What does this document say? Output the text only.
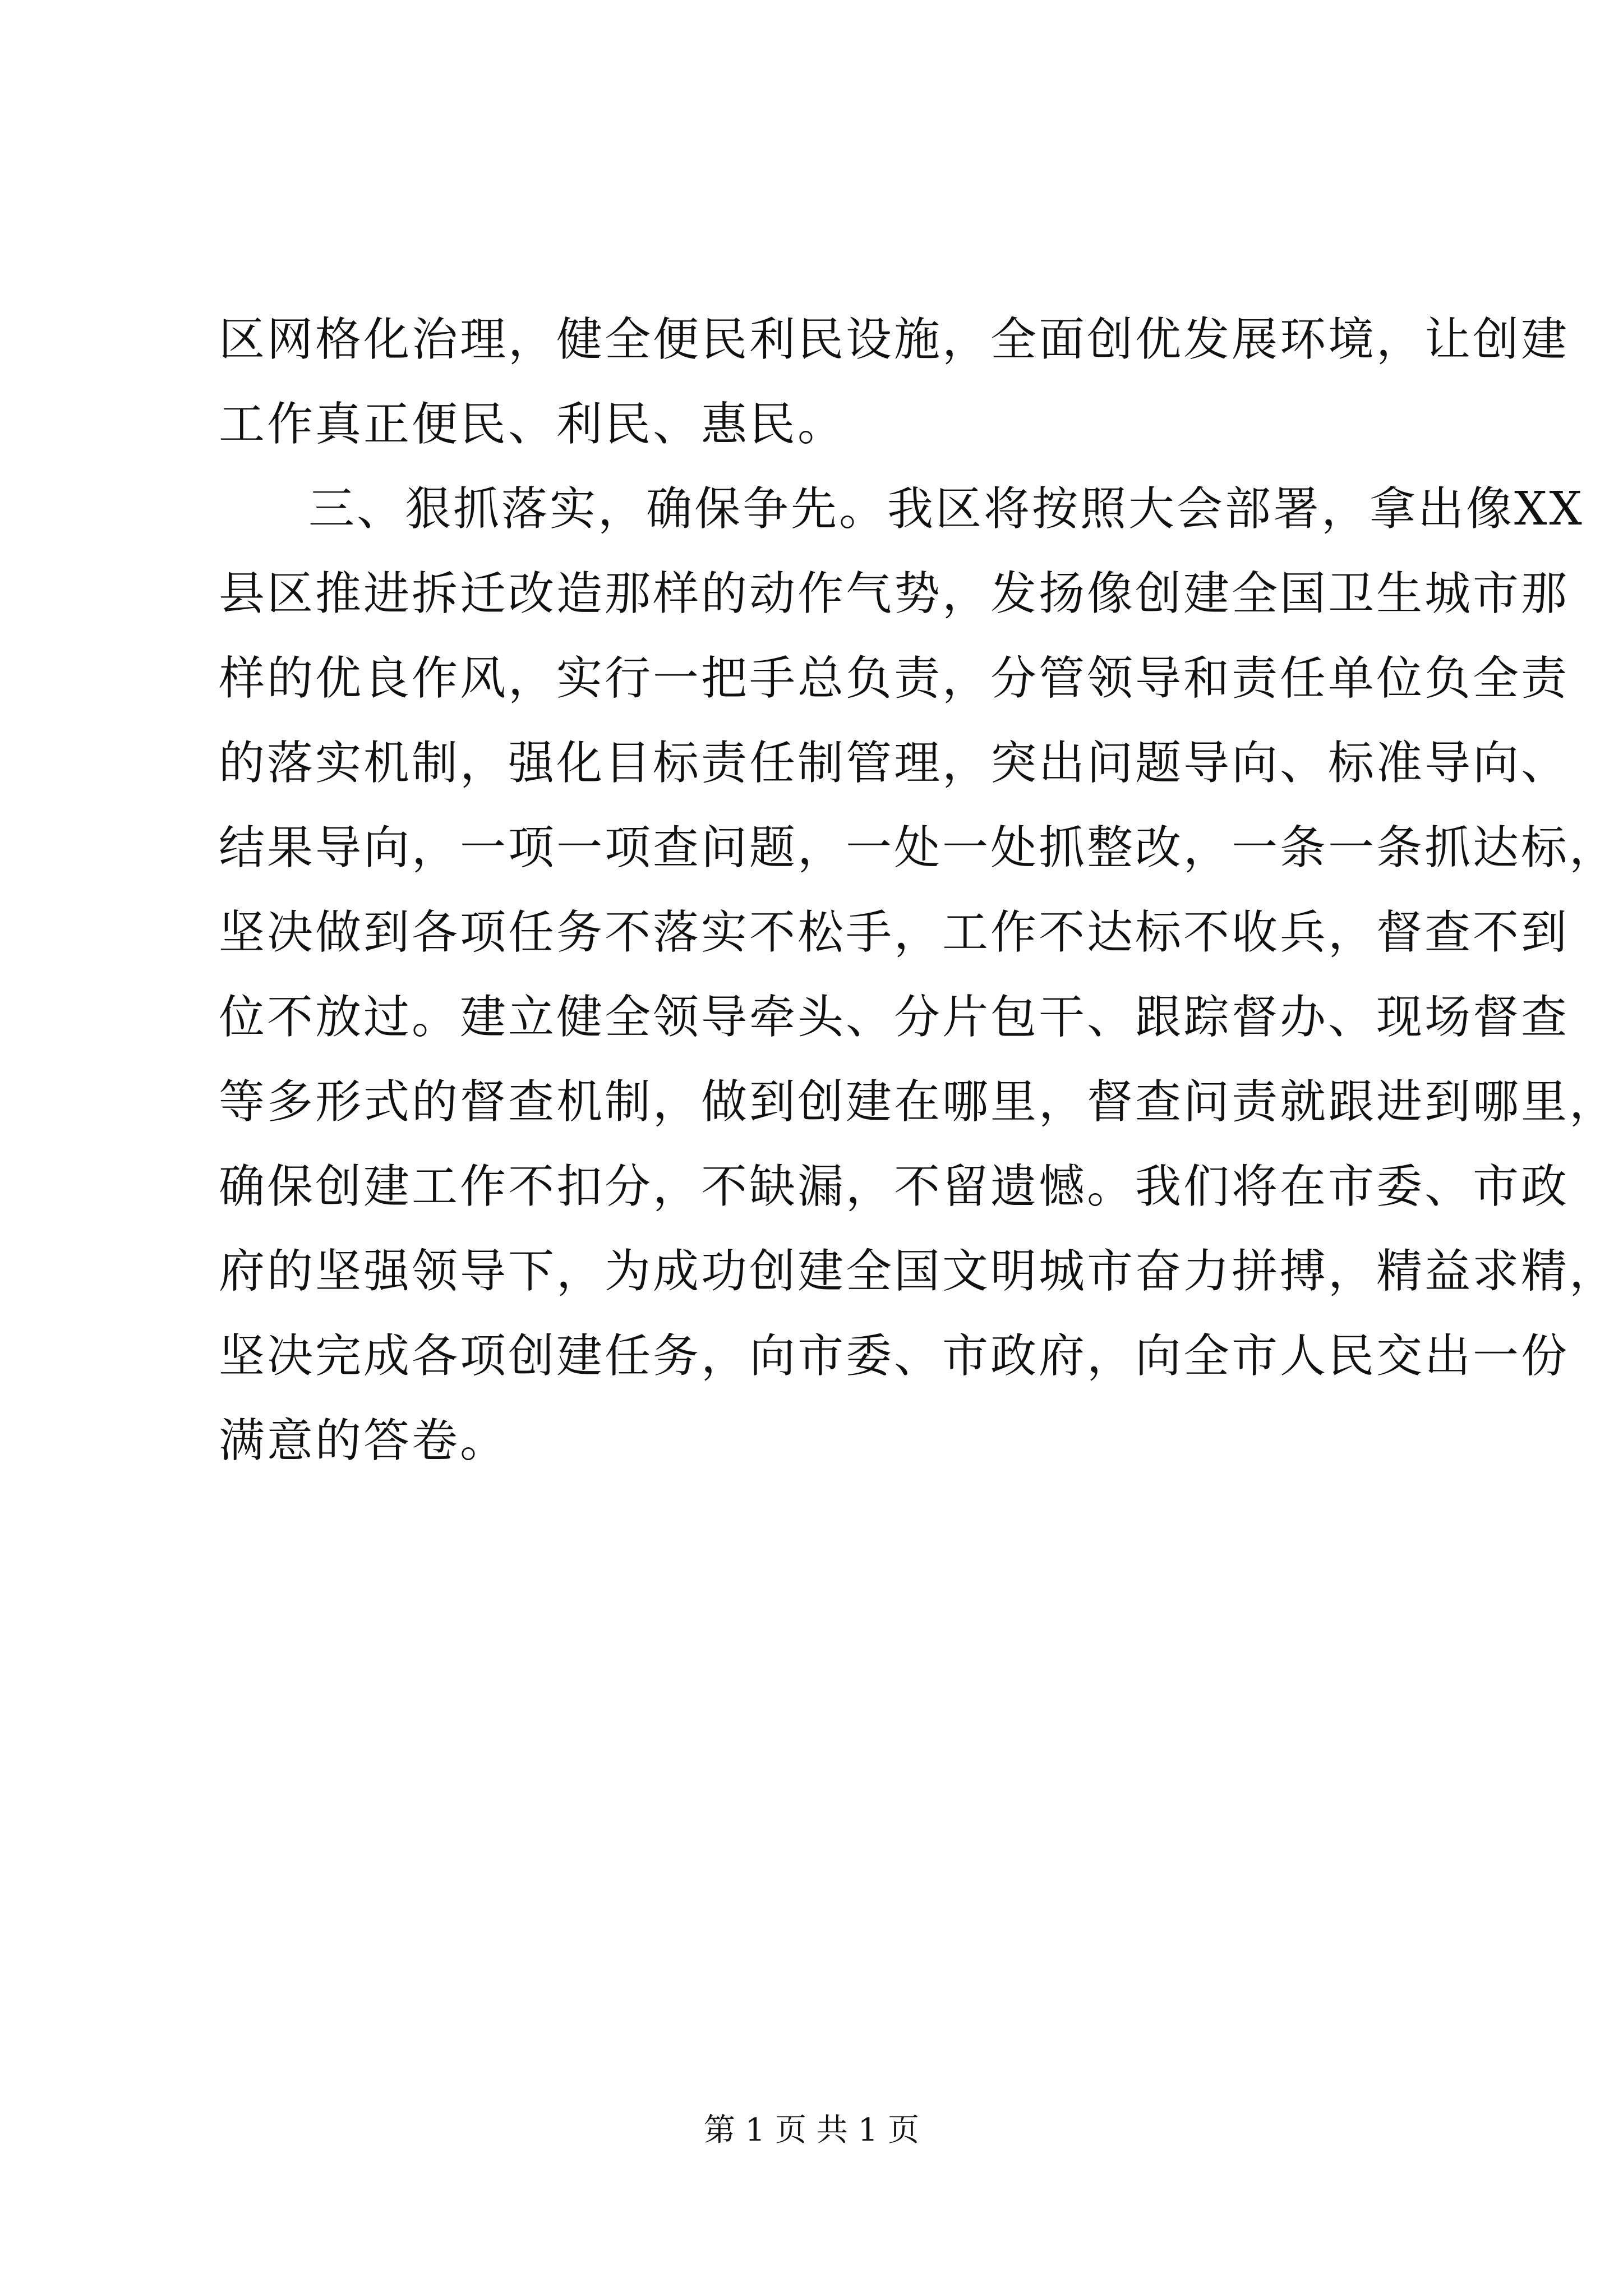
区网格化治理，健全便民利民设施，全面创优发展环境，让创建
工作真正便民、利民、惠民。
三、狠抓落实，确保争先。我区将按照大会部署，拿出像XX
县区推进拆迁改造那样的动作气势，发扬像创建全国卫生城市那
样的优良作风，实行一把手总负责，分管领导和责任单位负全责
的落实机制，强化目标责任制管理，突出问题导向、标准导向、
结果导向，一项一项查问题，一处一处抓整改，一条一条抓达标，
坚决做到各项任务不落实不松手，工作不达标不收兵，督查不到
位不放过。建立健全领导牵头、分片包干、跟踪督办、现场督查
等多形式的督查机制，做到创建在哪里，督查问责就跟进到哪里，
确保创建工作不扣分，不缺漏，不留遗憾。我们将在市委、市政
府的坚强领导下，为成功创建全国文明城市奋力拼搏，精益求精，
坚决完成各项创建任务，向市委、市政府，向全市人民交出一份
满意的答卷。
第 1 页 共 1 页
